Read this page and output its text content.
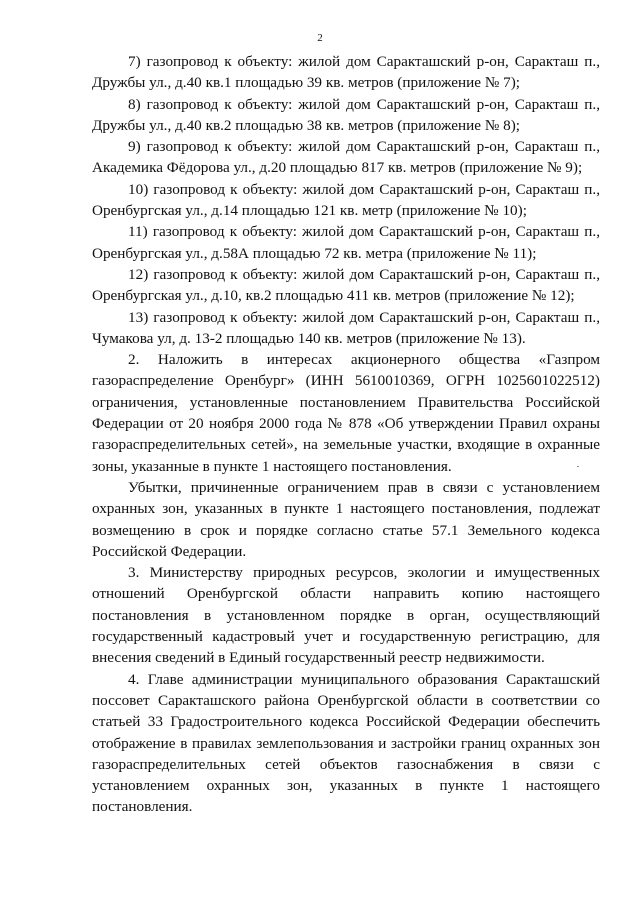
2

7) газопровод к объекту: жилой дом Саракташский р-он, Саракташ п., Дружбы ул., д.40 кв.1 площадью 39 кв. метров (приложение № 7);

8) газопровод к объекту: жилой дом Саракташский р-он, Саракташ п., Дружбы ул., д.40 кв.2 площадью 38 кв. метров (приложение № 8);

9) газопровод к объекту: жилой дом Саракташский р-он, Саракташ п., Академика Фёдорова ул., д.20 площадью 817 кв. метров (приложение № 9);

10) газопровод к объекту: жилой дом Саракташский р-он, Саракташ п., Оренбургская ул., д.14 площадью 121 кв. метр (приложение № 10);

11) газопровод к объекту: жилой дом Саракташский р-он, Саракташ п., Оренбургская ул., д.58А площадью 72 кв. метра (приложение № 11);

12) газопровод к объекту: жилой дом Саракташский р-он, Саракташ п., Оренбургская ул., д.10, кв.2 площадью 411 кв. метров (приложение № 12);

13) газопровод к объекту: жилой дом Саракташский р-он, Саракташ п., Чумакова ул, д. 13-2 площадью 140 кв. метров (приложение № 13).

2. Наложить в интересах акционерного общества «Газпром газораспределение Оренбург» (ИНН 5610010369, ОГРН 1025601022512) ограничения, установленные постановлением Правительства Российской Федерации от 20 ноября 2000 года № 878 «Об утверждении Правил охраны газораспределительных сетей», на земельные участки, входящие в охранные зоны, указанные в пункте 1 настоящего постановления.

Убытки, причиненные ограничением прав в связи с установлением охранных зон, указанных в пункте 1 настоящего постановления, подлежат возмещению в срок и порядке согласно статье 57.1 Земельного кодекса Российской Федерации.

3. Министерству природных ресурсов, экологии и имущественных отношений Оренбургской области направить копию настоящего постановления в установленном порядке в орган, осуществляющий государственный кадастровый учет и государственную регистрацию, для внесения сведений в Единый государственный реестр недвижимости.

4. Главе администрации муниципального образования Саракташский поссовет Саракташского района Оренбургской области в соответствии со статьей 33 Градостроительного кодекса Российской Федерации обеспечить отображение в правилах землепользования и застройки границ охранных зон газораспределительных сетей объектов газоснабжения в связи с установлением охранных зон, указанных в пункте 1 настоящего постановления.
